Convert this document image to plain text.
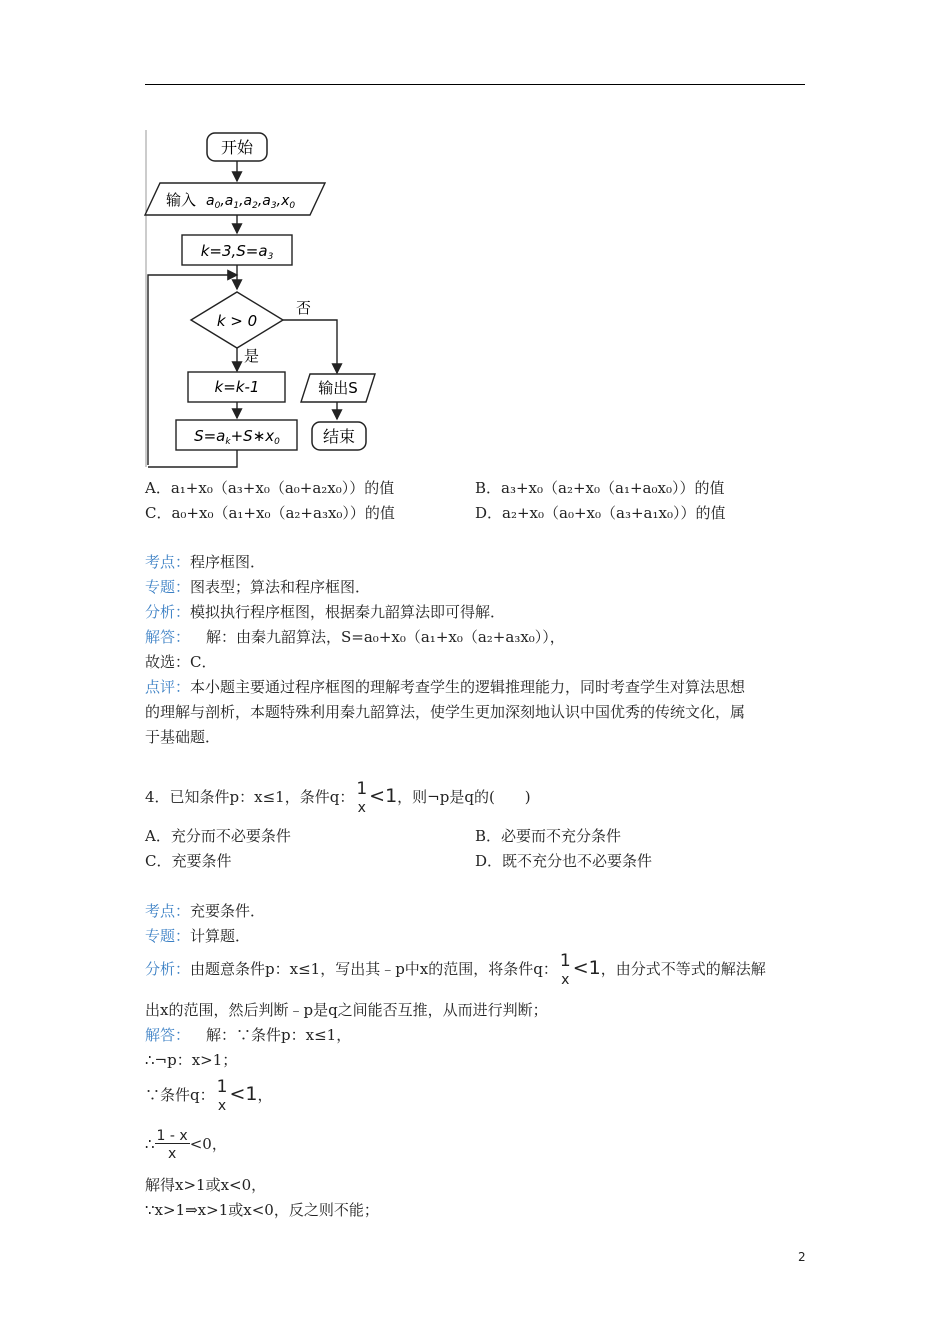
开始
输入 $a_0,a_1,a_2,a_3,x_0$
$k=3,S=a_3$
k > 0
否
是
k=k-1
$S=a_k+S∗x_0$
输出S
结束
A．a₁+x₀（a₃+x₀（a₀+a₂x₀））的值	B．a₃+x₀（a₂+x₀（a₁+a₀x₀））的值
C．a₀+x₀（a₁+x₀（a₂+a₃x₀））的值	D．a₂+x₀（a₀+x₀（a₃+a₁x₀））的值
考点：程序框图．
专题：图表型；算法和程序框图．
分析：模拟执行程序框图，根据秦九韶算法即可得解．
解答： 解：由秦九韶算法，S=a₀+x₀（a₁+x₀（a₂+a₃x₀）），
故选：C．
点评：本小题主要通过程序框图的理解考查学生的逻辑推理能力，同时考查学生对算法思想
的理解与剖析，本题特殊利用秦九韶算法，使学生更加深刻地认识中国优秀的传统文化，属
于基础题．
4．已知条件p：x≤1，条件q： 1
x
<1，则¬p是q的(　　)
A．充分而不必要条件	B．必要而不充分条件
C．充要条件	D．既不充分也不必要条件
考点：充要条件．
专题：计算题．
分析：由题意条件p：x≤1，写出其﹣p中x的范围，将条件q： 1
x
<1，由分式不等式的解法解
出x的范围，然后判断﹣p是q之间能否互推，从而进行判断；
解答： 解：∵条件p：x≤1，
∴¬p：x>1；
∵条件q： 1
x
<1，
∴ $\frac{1 - x}{x} <0$，
解得x>1或x<0，
∵x>1⇒x>1或x<0，反之则不能；
2
